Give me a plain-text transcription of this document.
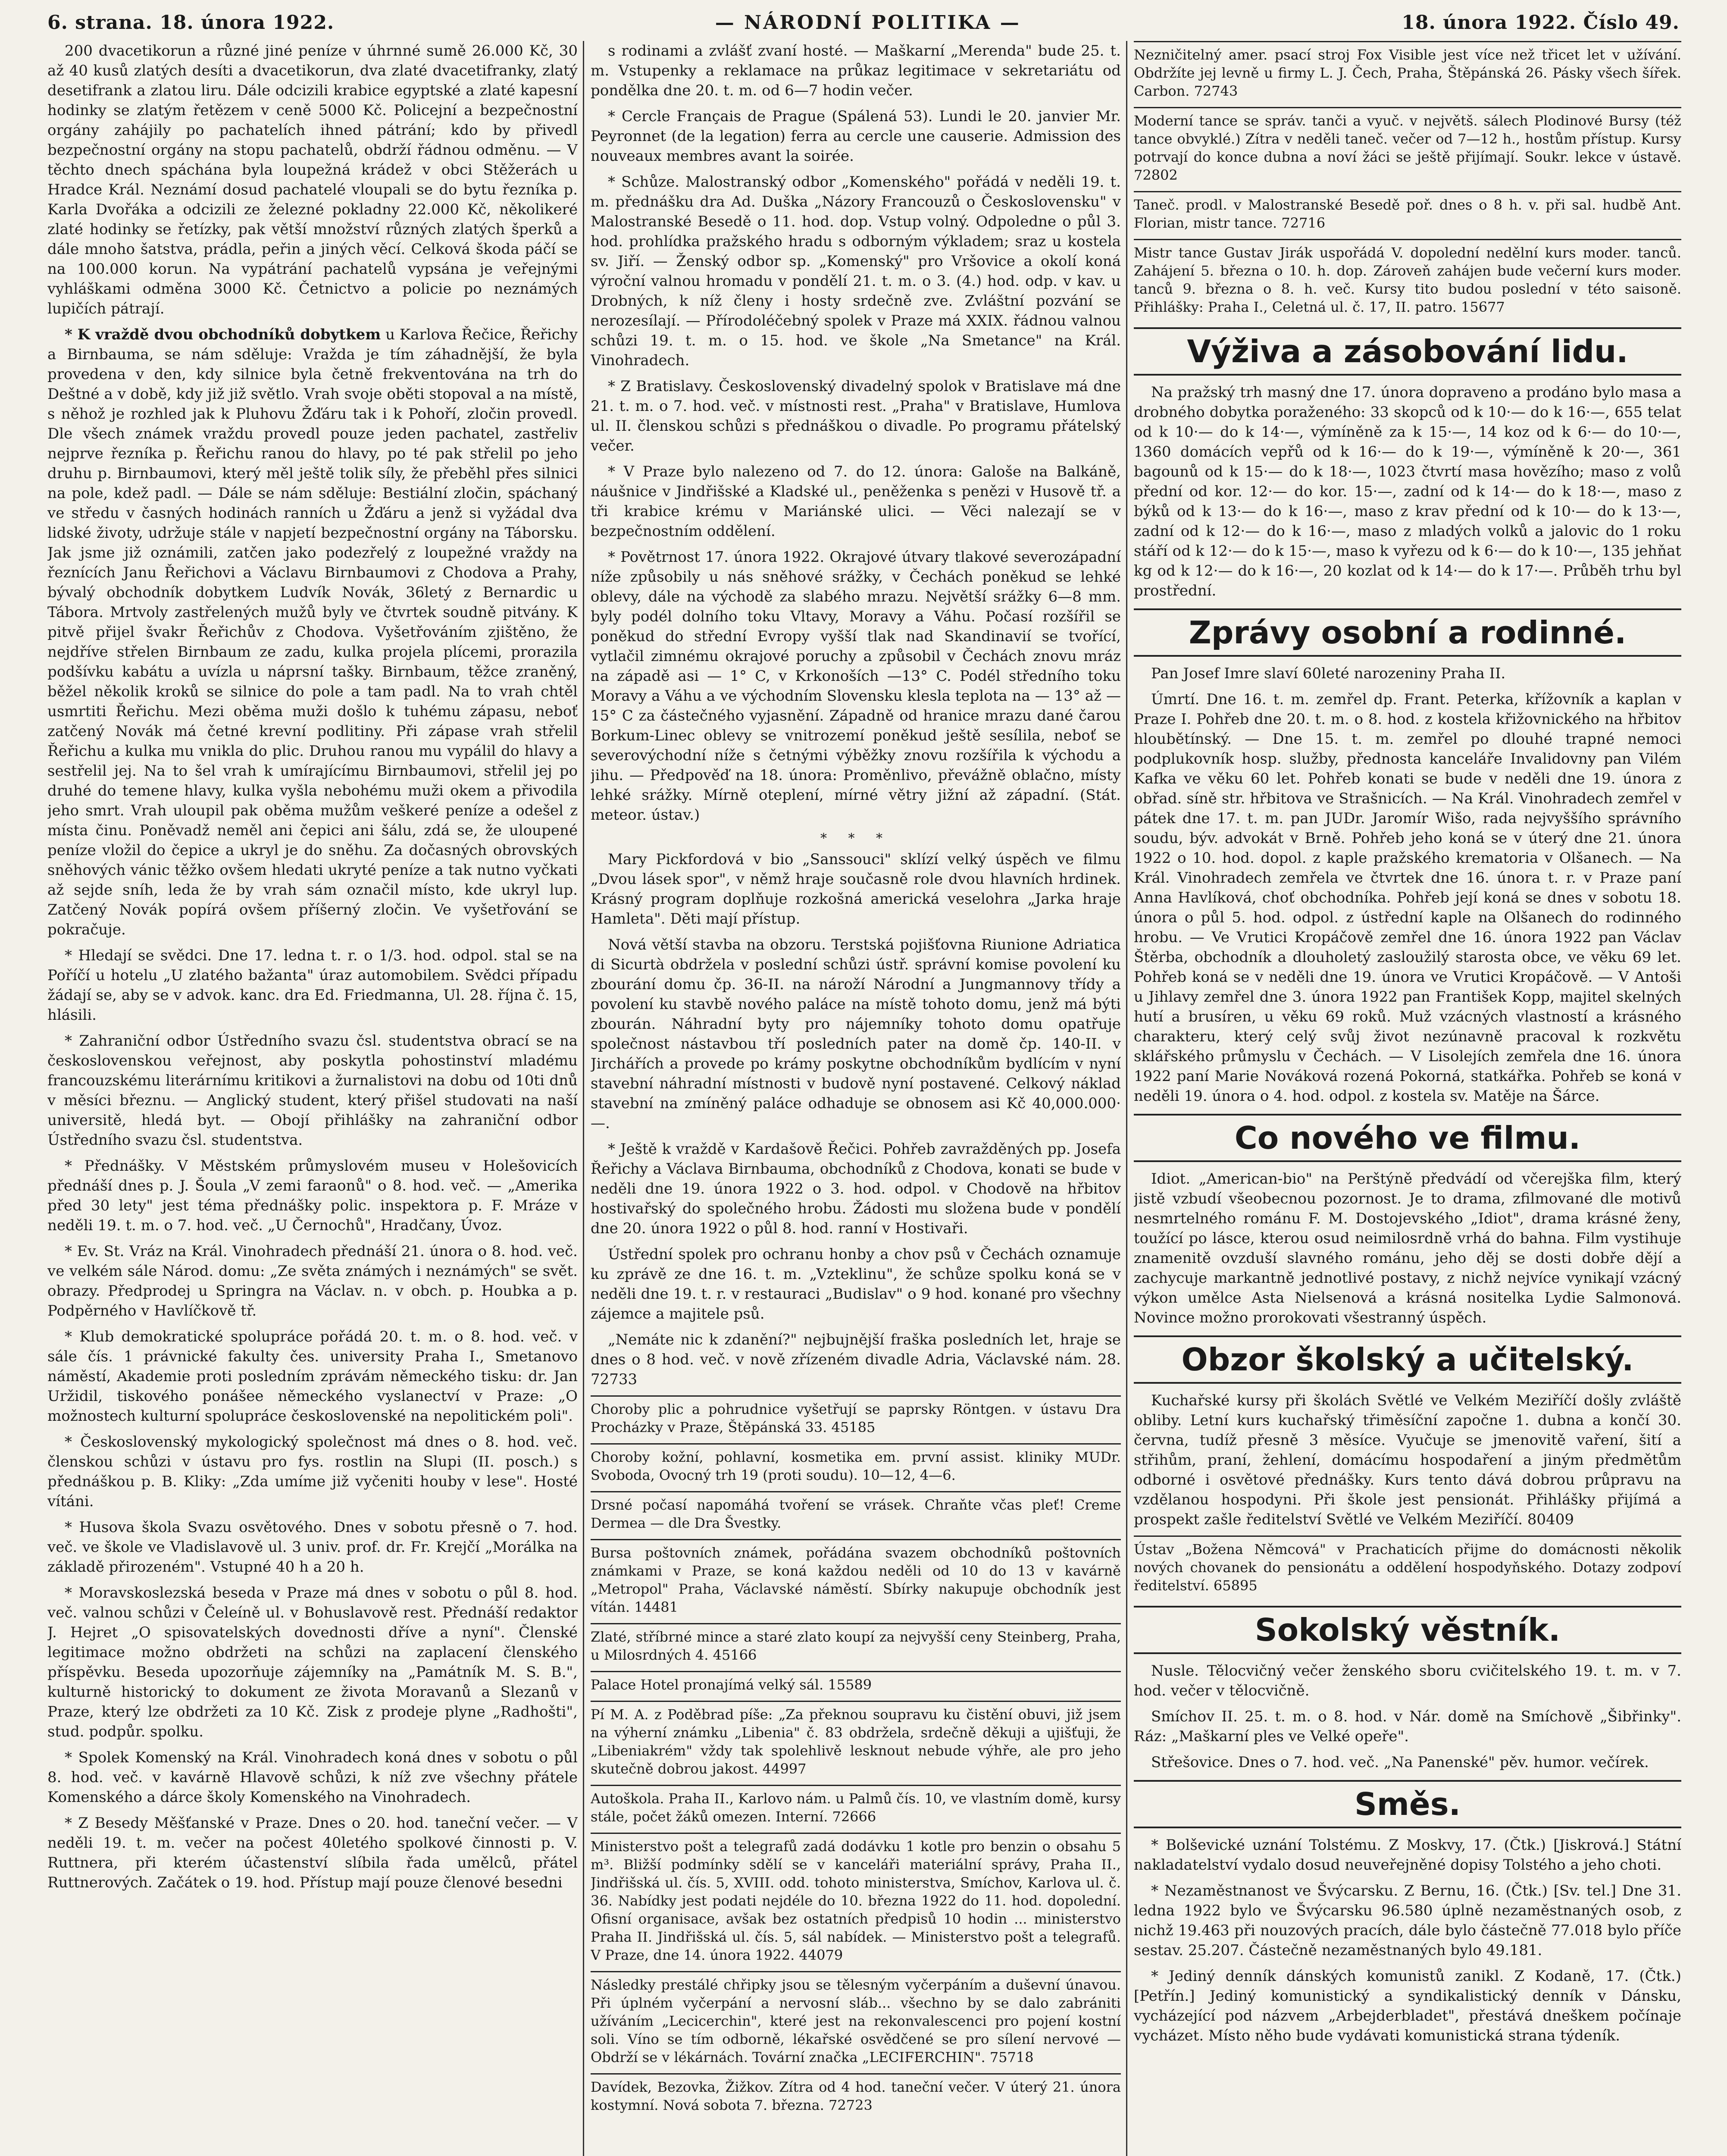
6. strana. 18. února 1922.	— NÁRODNÍ POLITIKA —	18. února 1922. Číslo 49.

200 dvacetikorun a různé jiné peníze v úhrnné sumě 26.000 Kč, 30 až 40 kusů zlatých desíti a dvacetikorun, dva zlaté dvacetifranky, zlatý desetifrank a zlatou liru. Dále odcizili krabice egyptské a zlaté kapesní hodinky se zlatým řetězem v ceně 5000 Kč. Policejní a bezpečnostní orgány zahájily po pachatelích ihned pátrání; kdo by přivedl bezpečnostní orgány na stopu pachatelů, obdrží řádnou odměnu. — V těchto dnech spáchána byla loupežná krádež v obci Stěžerách u Hradce Král. Neznámí dosud pachatelé vloupali se do bytu řezníka p. Karla Dvořáka a odcizili ze železné pokladny 22.000 Kč, několikeré zlaté hodinky se řetízky, pak větší množství různých zlatých šperků a dále mnoho šatstva, prádla, peřin a jiných věcí. Celková škoda páčí se na 100.000 korun. Na vypátrání pachatelů vypsána je veřejnými vyhláškami odměna 3000 Kč. Četnictvo a policie po neznámých lupičích pátrají.

* K vraždě dvou obchodníků dobytkem u Karlova Řečice, Řeřichy a Birnbauma, se nám sděluje: Vražda je tím záhadnější, že byla provedena v den, kdy silnice byla četně frekventována na trh do Deštné a v době, kdy již již světlo. Vrah svoje oběti stopoval a na místě, s něhož je rozhled jak k Pluhovu Žďáru tak i k Pohoří, zločin provedl. Dle všech známek vraždu provedl pouze jeden pachatel, zastřeliv nejprve řezníka p. Řeřichu ranou do hlavy, po té pak střelil po jeho druhu p. Birnbaumovi, který měl ještě tolik síly, že přeběhl přes silnici na pole, kdež padl. — Dále se nám sděluje: Bestiální zločin, spáchaný ve středu v časných hodinách ranních u Žďáru a jenž si vyžádal dva lidské životy, udržuje stále v napjetí bezpečnostní orgány na Táborsku. Jak jsme již oznámili, zatčen jako podezřelý z loupežné vraždy na řeznících Janu Řeřichovi a Václavu Birnbaumovi z Chodova a Prahy, bývalý obchodník dobytkem Ludvík Novák, 36letý z Bernardic u Tábora. Mrtvoly zastřelených mužů byly ve čtvrtek soudně pitvány. K pitvě přijel švakr Řeřichův z Chodova. Vyšetřováním zjištěno, že nejdříve střelen Birnbaum ze zadu, kulka projela plícemi, prorazila podšívku kabátu a uvízla u náprsní tašky. Birnbaum, těžce zraněný, běžel několik kroků se silnice do pole a tam padl. Na to vrah chtěl usmrtiti Řeřichu. Mezi oběma muži došlo k tuhému zápasu, neboť zatčený Novák má četné krevní podlitiny. Při zápase vrah střelil Řeřichu a kulka mu vnikla do plic. Druhou ranou mu vypálil do hlavy a sestřelil jej. Na to šel vrah k umírajícímu Birnbaumovi, střelil jej po druhé do temene hlavy, kulka vyšla nebohému muži okem a přivodila jeho smrt. Vrah uloupil pak oběma mužům veškeré peníze a odešel z místa činu. Poněvadž neměl ani čepici ani šálu, zdá se, že uloupené peníze vložil do čepice a ukryl je do sněhu. Za dočasných obrovských sněhových vánic těžko ovšem hledati ukryté peníze a tak nutno vyčkati až sejde sníh, leda že by vrah sám označil místo, kde ukryl lup. Zatčený Novák popírá ovšem příšerný zločin. Ve vyšetřování se pokračuje.

* Hledají se svědci. Dne 17. ledna t. r. o 1/3. hod. odpol. stal se na Poříčí u hotelu „U zlatého bažanta" úraz automobilem. Svědci případu žádají se, aby se v advok. kanc. dra Ed. Friedmanna, Ul. 28. října č. 15, hlásili.

* Zahraniční odbor Ústředního svazu čsl. studentstva obrací se na československou veřejnost, aby poskytla pohostinství mladému francouzskému literárnímu kritikovi a žurnalistovi na dobu od 10ti dnů v měsíci březnu. — Anglický student, který přišel studovati na naší universitě, hledá byt. — Obojí přihlášky na zahraniční odbor Ústředního svazu čsl. studentstva.

* Přednášky. V Městském průmyslovém museu v Holešovicích přednáší dnes p. J. Šoula „V zemi faraonů" o 8. hod. več. — „Amerika před 30 lety" jest téma přednášky polic. inspektora p. F. Mráze v neděli 19. t. m. o 7. hod. več. „U Černochů", Hradčany, Úvoz.

* Ev. St. Vráz na Král. Vinohradech přednáší 21. února o 8. hod. več. ve velkém sále Národ. domu: „Ze světa známých i neznámých" se svět. obrazy. Předprodej u Springra na Václav. n. v obch. p. Houbka a p. Podpěrného v Havlíčkově tř.

* Klub demokratické spolupráce pořádá 20. t. m. o 8. hod. več. v sále čís. 1 právnické fakulty čes. university Praha I., Smetanovo náměstí, Akademie proti posledním zprávám německého tisku: dr. Jan Uržidil, tiskového ponášee německého vyslanectví v Praze: „O možnostech kulturní spolupráce československé na nepolitickém poli".

* Československý mykologický společnost má dnes o 8. hod. več. členskou schůzi v ústavu pro fys. rostlin na Slupi (II. posch.) s přednáškou p. B. Kliky: „Zda umíme již vyčeniti houby v lese". Hosté vítáni.

* Husova škola Svazu osvětového. Dnes v sobotu přesně o 7. hod. več. ve škole ve Vladislavově ul. 3 univ. prof. dr. Fr. Krejčí „Morálka na základě přirozeném". Vstupné 40 h a 20 h.

* Moravskoslezská beseda v Praze má dnes v sobotu o půl 8. hod. več. valnou schůzi v Čeleíně ul. v Bohuslavově rest. Přednáší redaktor J. Hejret „O spisovatelských dovednosti dříve a nyní". Členské legitimace možno obdržeti na schůzi na zaplacení členského příspěvku. Beseda upozorňuje zájemníky na „Památník M. S. B.", kulturně historický to dokument ze života Moravanů a Slezanů v Praze, který lze obdržeti za 10 Kč. Zisk z prodeje plyne „Radhošti", stud. podpůr. spolku.

* Spolek Komenský na Král. Vinohradech koná dnes v sobotu o půl 8. hod. več. v kavárně Hlavově schůzi, k níž zve všechny přátele Komenského a dárce školy Komenského na Vinohradech.

* Z Besedy Měšťanské v Praze. Dnes o 20. hod. taneční večer. — V neděli 19. t. m. večer na počest 40letého spolkové činnosti p. V. Ruttnera, při kterém účastenství slíbila řada umělců, přátel Ruttnerových. Začátek o 19. hod. Přístup mají pouze členové besedni

s rodinami a zvlášť zvaní hosté. — Maškarní „Merenda" bude 25. t. m. Vstupenky a reklamace na průkaz legitimace v sekretariátu od pondělka dne 20. t. m. od 6—7 hodin večer.

* Cercle Français de Prague (Spálená 53). Lundi le 20. janvier Mr. Peyronnet (de la legation) ferra au cercle une causerie. Admission des nouveaux membres avant la soirée.

* Schůze. Malostranský odbor „Komenského" pořádá v neděli 19. t. m. přednášku dra Ad. Duška „Názory Francouzů o Československu" v Malostranské Besedě o 11. hod. dop. Vstup volný. Odpoledne o půl 3. hod. prohlídka pražského hradu s odborným výkladem; sraz u kostela sv. Jiří. — Ženský odbor sp. „Komenský" pro Vršovice a okolí koná výroční valnou hromadu v pondělí 21. t. m. o 3. (4.) hod. odp. v kav. u Drobných, k níž členy i hosty srdečně zve. Zvláštní pozvání se nerozesílají. — Přírodoléčebný spolek v Praze má XXIX. řádnou valnou schůzi 19. t. m. o 15. hod. ve škole „Na Smetance" na Král. Vinohradech.

* Z Bratislavy. Československý divadelný spolok v Bratislave má dne 21. t. m. o 7. hod. več. v místnosti rest. „Praha" v Bratislave, Humlova ul. II. členskou schůzi s přednáškou o divadle. Po programu přátelský večer.

* V Praze bylo nalezeno od 7. do 12. února: Galoše na Balkáně, náušnice v Jindřišské a Kladské ul., peněženka s penězi v Husově tř. a tři krabice krému v Mariánské ulici. — Věci nalezají se v bezpečnostním oddělení.

* Povětrnost 17. února 1922. Okrajové útvary tlakové severozápadní níže způsobily u nás sněhové srážky, v Čechách poněkud se lehké oblevy, dále na východě za slabého mrazu. Největší srážky 6—8 mm. byly podél dolního toku Vltavy, Moravy a Váhu. Počasí rozšířil se poněkud do střední Evropy vyšší tlak nad Skandinavií se tvořící, vytlačil zimnému okrajové poruchy a způsobil v Čechách znovu mráz na západě asi — 1° C, v Krkonoších —13° C. Podél středního toku Moravy a Váhu a ve východním Slovensku klesla teplota na — 13° až — 15° C za částečného vyjasnění. Západně od hranice mrazu dané čarou Borkum-Linec oblevy se vnitrozemí poněkud ještě sesílila, neboť se severovýchodní níže s četnými výběžky znovu rozšířila k východu a jihu. — Předpověď na 18. února: Proměnlivo, převážně oblačno, místy lehké srážky. Mírně oteplení, mírné větry jižní až západní. (Stát. meteor. ústav.)

* * *

Mary Pickfordová v bio „Sanssouci" sklízí velký úspěch ve filmu „Dvou lásek spor", v němž hraje současně role dvou hlavních hrdinek. Krásný program doplňuje rozkošná americká veselohra „Jarka hraje Hamleta". Děti mají přístup.

Nová větší stavba na obzoru. Terstská pojišťovna Riunione Adriatica di Sicurtà obdržela v poslední schůzi ústř. správní komise povolení ku zbourání domu čp. 36-II. na nároží Národní a Jungmannovy třídy a povolení ku stavbě nového paláce na místě tohoto domu, jenž má býti zbourán. Náhradní byty pro nájemníky tohoto domu opatřuje společnost nástavbou tří posledních pater na domě čp. 140-II. v Jirchářích a provede po krámy poskytne obchodníkům bydlícím v nyní stavební náhradní místnosti v budově nyní postavené. Celkový náklad stavební na zmíněný paláce odhaduje se obnosem asi Kč 40,000.000·—.

* Ještě k vraždě v Kardašově Řečici. Pohřeb zavražděných pp. Josefa Řeřichy a Václava Birnbauma, obchodníků z Chodova, konati se bude v neděli dne 19. února 1922 o 3. hod. odpol. v Chodově na hřbitov hostivařský do společného hrobu. Žádosti mu složena bude v pondělí dne 20. února 1922 o půl 8. hod. ranní v Hostivaři.

Ústřední spolek pro ochranu honby a chov psů v Čechách oznamuje ku zprávě ze dne 16. t. m. „Vzteklinu", že schůze spolku koná se v neděli dne 19. t. r. v restauraci „Budislav" o 9 hod. konané pro všechny zájemce a majitele psů.

„Nemáte nic k zdanění?" nejbujnější fraška posledních let, hraje se dnes o 8 hod. več. v nově zřízeném divadle Adria, Václavské nám. 28. 72733

Choroby plic a pohrudnice vyšetřují se paprsky Röntgen. v ústavu Dra Procházky v Praze, Štěpánská 33. 45185
Choroby kožní, pohlavní, kosmetika em. první assist. kliniky MUDr. Svoboda, Ovocný trh 19 (proti soudu). 10—12, 4—6.
Drsné počasí napomáhá tvoření se vrásek. Chraňte včas pleť! Creme Dermea — dle Dra Švestky.
Bursa poštovních známek, pořádána svazem obchodníků poštovních známkami v Praze, se koná každou neděli od 10 do 13 v kavárně „Metropol" Praha, Václavské náměstí. Sbírky nakupuje obchodník jest vítán. 14481
Zlaté, stříbrné mince a staré zlato koupí za nejvyšší ceny Steinberg, Praha, u Milosrdných 4. 45166
Palace Hotel pronajímá velký sál. 15589
Pí M. A. z Poděbrad píše: „Za překnou soupravu ku čistění obuvi, již jsem na výherní známku „Libenia" č. 83 obdržela, srdečně děkuji a ujišťuji, že „Libeniakrém" vždy tak spolehlivě lesknout nebude výhře, ale pro jeho skutečně dobrou jakost. 44997
Autoškola. Praha II., Karlovo nám. u Palmů čís. 10, ve vlastním domě, kursy stále, počet žáků omezen. Interní. 72666
Ministerstvo pošt a telegrafů zadá dodávku 1 kotle pro benzin o obsahu 5 m³. Bližší podmínky sdělí se v kanceláři materiální správy, Praha II., Jindřišská ul. čís. 5, XVIII. odd. tohoto ministerstva, Smíchov, Karlova ul. č. 36. Nabídky jest podati nejdéle do 10. března 1922 do 11. hod. dopolední. Ofisní organisace, avšak bez ostatních předpisů 10 hodin ... ministerstvo Praha II. Jindřišská ul. čís. 5, sál nabídek. — Ministerstvo pošt a telegrafů. V Praze, dne 14. února 1922. 44079
Následky prestálé chřipky jsou se tělesným vyčerpáním a duševní únavou. Při úplném vyčerpání a nervosní sláb... všechno by se dalo zabrániti užíváním „Lecicerchin", které jest na rekonvalescenci pro pojení kostní soli. Víno se tím odborně, lékařské osvědčené se pro sílení nervové — Obdrží se v lékárnách. Tovární značka „LECIFERCHIN". 75718
Davídek, Bezovka, Žižkov. Zítra od 4 hod. taneční večer. V úterý 21. února kostymní. Nová sobota 7. března. 72723
Nezničitelný amer. psací stroj Fox Visible jest více než třicet let v užívání. Obdržíte jej levně u firmy L. J. Čech, Praha, Štěpánská 26. Pásky všech šířek. Carbon. 72743
Moderní tance se správ. tanči a vyuč. v největš. sálech Plodinové Bursy (též tance obvyklé.) Zítra v neděli taneč. večer od 7—12 h., hostům přístup. Kursy potrvají do konce dubna a noví žáci se ještě přijímají. Soukr. lekce v ústavě. 72802
Taneč. prodl. v Malostranské Besedě poř. dnes o 8 h. v. při sal. hudbě Ant. Florian, mistr tance. 72716
Mistr tance Gustav Jirák uspořádá V. dopolední nedělní kurs moder. tanců. Zahájení 5. března o 10. h. dop. Zároveň zahájen bude večerní kurs moder. tanců 9. března o 8. h. več. Kursy tito budou poslední v této saisoně. Přihlášky: Praha I., Celetná ul. č. 17, II. patro. 15677
Výživa a zásobování lidu.

Na pražský trh masný dne 17. února dopraveno a prodáno bylo masa a drobného dobytka poraženého: 33 skopců od k 10·— do k 16·—, 655 telat od k 10·— do k 14·—, výmíněně za k 15·—, 14 koz od k 6·— do 10·—, 1360 domácích vepřů od k 16·— do k 19·—, výmíněně k 20·—, 361 bagounů od k 15·— do k 18·—, 1023 čtvrtí masa hovězího; maso z volů přední od kor. 12·— do kor. 15·—, zadní od k 14·— do k 18·—, maso z býků od k 13·— do k 16·—, maso z krav přední od k 10·— do k 13·—, zadní od k 12·— do k 16·—, maso z mladých volků a jalovic do 1 roku stáří od k 12·— do k 15·—, maso k vyřezu od k 6·— do k 10·—, 135 jehňat kg od k 12·— do k 16·—, 20 kozlat od k 14·— do k 17·—. Průběh trhu byl prostřední.

Zprávy osobní a rodinné.

Pan Josef Imre slaví 60leté narozeniny Praha II.

Úmrtí. Dne 16. t. m. zemřel dp. Frant. Peterka, křížovník a kaplan v Praze I. Pohřeb dne 20. t. m. o 8. hod. z kostela křižovnického na hřbitov hloubětínský. — Dne 15. t. m. zemřel po dlouhé trapné nemoci podplukovník hosp. služby, přednosta kanceláře Invalidovny pan Vilém Kafka ve věku 60 let. Pohřeb konati se bude v neděli dne 19. února z obřad. síně str. hřbitova ve Strašnicích. — Na Král. Vinohradech zemřel v pátek dne 17. t. m. pan JUDr. Jaromír Wišo, rada nejvyššího správního soudu, býv. advokát v Brně. Pohřeb jeho koná se v úterý dne 21. února 1922 o 10. hod. dopol. z kaple pražského krematoria v Olšanech. — Na Král. Vinohradech zemřela ve čtvrtek dne 16. února t. r. v Praze paní Anna Havlíková, choť obchodníka. Pohřeb její koná se dnes v sobotu 18. února o půl 5. hod. odpol. z ústřední kaple na Olšanech do rodinného hrobu. — Ve Vrutici Kropáčově zemřel dne 16. února 1922 pan Václav Štěrba, obchodník a dlouholetý zasloužilý starosta obce, ve věku 69 let. Pohřeb koná se v neděli dne 19. února ve Vrutici Kropáčově. — V Antoši u Jihlavy zemřel dne 3. února 1922 pan František Kopp, majitel skelných hutí a brusíren, u věku 69 roků. Muž vzácných vlastností a krásného charakteru, který celý svůj život nezúnavně pracoval k rozkvětu sklářského průmyslu v Čechách. — V Lisolejích zemřela dne 16. února 1922 paní Marie Nováková rozená Pokorná, statkářka. Pohřeb se koná v neděli 19. února o 4. hod. odpol. z kostela sv. Matěje na Šárce.

Co nového ve filmu.

Idiot. „American-bio" na Perštýně předvádí od včerejška film, který jistě vzbudí všeobecnou pozornost. Je to drama, zfilmované dle motivů nesmrtelného románu F. M. Dostojevského „Idiot", drama krásné ženy, toužící po lásce, kterou osud neimilosrdně vrhá do bahna. Film vystihuje znamenitě ovzduší slavného románu, jeho děj se dosti dobře dějí a zachycuje markantně jednotlivé postavy, z nichž nejvíce vynikají vzácný výkon umělce Asta Nielsenová a krásná nositelka Lydie Salmonová. Novince možno prorokovati všestranný úspěch.

Obzor školský a učitelský.

Kuchařské kursy při školách Světlé ve Velkém Meziříčí došly zvláště obliby. Letní kurs kuchařský třiměsíční započne 1. dubna a končí 30. června, tudíž přesně 3 měsíce. Vyučuje se jmenovitě vaření, šití a střihům, praní, žehlení, domácímu hospodaření a jiným předmětům odborné i osvětové přednášky. Kurs tento dává dobrou průpravu na vzdělanou hospodyni. Při škole jest pensionát. Přihlášky přijímá a prospekt zašle ředitelství Světlé ve Velkém Meziříčí. 80409

Ústav „Božena Němcová" v Prachaticích přijme do domácnosti několik nových chovanek do pensionátu a oddělení hospodyňského. Dotazy zodpoví ředitelství. 65895
Sokolský věstník.

Nusle. Tělocvičný večer ženského sboru cvičitelského 19. t. m. v 7. hod. večer v tělocvičně.

Smíchov II. 25. t. m. o 8. hod. v Nár. domě na Smíchově „Šibřinky". Ráz: „Maškarní ples ve Velké opeře".

Střešovice. Dnes o 7. hod. več. „Na Panenské" pěv. humor. večírek.

Směs.

* Bolševické uznání Tolstému. Z Moskvy, 17. (Čtk.) [Jiskrová.] Státní nakladatelství vydalo dosud neuveřejněné dopisy Tolstého a jeho choti.

* Nezaměstnanost ve Švýcarsku. Z Bernu, 16. (Čtk.) [Sv. tel.] Dne 31. ledna 1922 bylo ve Švýcarsku 96.580 úplně nezaměstnaných osob, z nichž 19.463 při nouzových pracích, dále bylo částečně 77.018 bylo příče sestav. 25.207. Částečně nezaměstnaných bylo 49.181.

* Jediný denník dánských komunistů zanikl. Z Kodaně, 17. (Čtk.) [Petřín.] Jediný komunistický a syndikalistický denník v Dánsku, vycházející pod názvem „Arbejderbladet", přestává dneškem počínaje vycházet. Místo něho bude vydávati komunistická strana týdeník.
